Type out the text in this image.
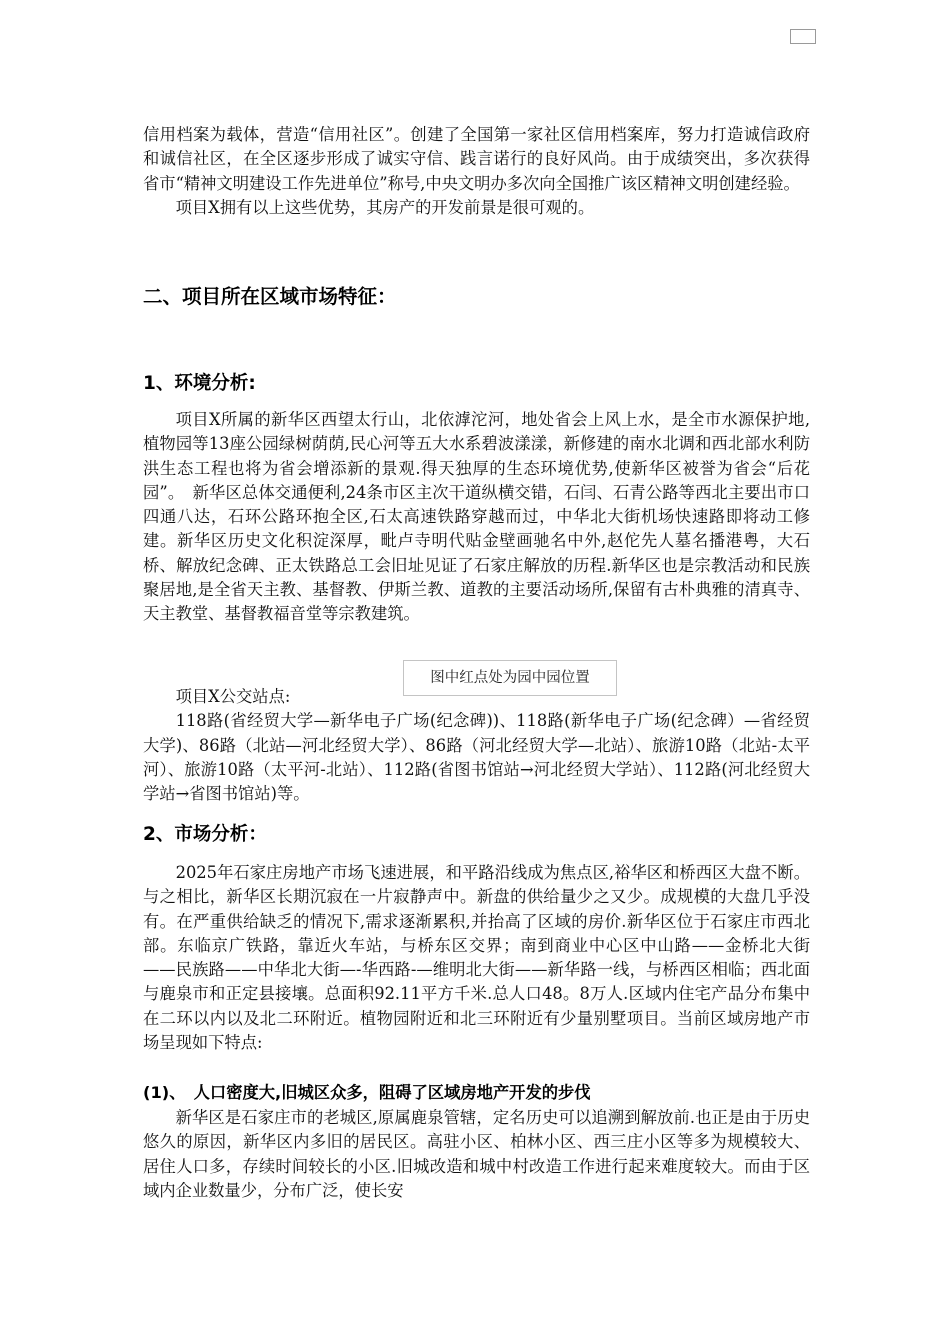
信用档案为载体，营造“信用社区”。创建了全国第一家社区信用档案库，努力打造诚信政府和诚信社区，在全区逐步形成了诚实守信、践言诺行的良好风尚。由于成绩突出，多次获得省市“精神文明建设工作先进单位”称号,中央文明办多次向全国推广该区精神文明创建经验。

项目X拥有以上这些优势，其房产的开发前景是很可观的。

二、项目所在区域市场特征：
1、环境分析:

项目X所属的新华区西望太行山，北依滹沱河，地处省会上风上水，是全市水源保护地,植物园等13座公园绿树荫荫,民心河等五大水系碧波漾漾，新修建的南水北调和西北部水利防洪生态工程也将为省会增添新的景观.得天独厚的生态环境优势,使新华区被誉为省会“后花园”。　新华区总体交通便利,24条市区主次干道纵横交错，石闫、石青公路等西北主要出市口四通八达，石环公路环抱全区,石太高速铁路穿越而过，中华北大街机场快速路即将动工修建。新华区历史文化积淀深厚，毗卢寺明代贴金壁画驰名中外,赵佗先人墓名播港粤，大石桥、解放纪念碑、正太铁路总工会旧址见证了石家庄解放的历程.新华区也是宗教活动和民族聚居地,是全省天主教、基督教、伊斯兰教、道教的主要活动场所,保留有古朴典雅的清真寺、天主教堂、基督教福音堂等宗教建筑。

图中红点处为园中园位置

项目X公交站点:

118路(省经贸大学—新华电子广场(纪念碑))、118路(新华电子广场(纪念碑）—省经贸大学)、86路（北站—河北经贸大学）、86路（河北经贸大学—北站）、旅游10路（北站-太平河）、旅游10路（太平河-北站）、112路(省图书馆站→河北经贸大学站）、112路(河北经贸大学站→省图书馆站)等。

2、市场分析：

2025年石家庄房地产市场飞速进展，和平路沿线成为焦点区,裕华区和桥西区大盘不断。与之相比，新华区长期沉寂在一片寂静声中。新盘的供给量少之又少。成规模的大盘几乎没有。在严重供给缺乏的情况下,需求逐渐累积,并抬高了区域的房价.新华区位于石家庄市西北部。东临京广铁路，靠近火车站，与桥东区交界；南到商业中心区中山路——金桥北大街——民族路——中华北大街—-华西路-—维明北大街——新华路一线，与桥西区相临；西北面与鹿泉市和正定县接壤。总面积92.11平方千米.总人口48。8万人.区域内住宅产品分布集中在二环以内以及北二环附近。植物园附近和北三环附近有少量别墅项目。当前区域房地产市场呈现如下特点:

(1)、　人口密度大,旧城区众多，阻碍了区域房地产开发的步伐

新华区是石家庄市的老城区,原属鹿泉管辖，定名历史可以追溯到解放前.也正是由于历史悠久的原因，新华区内多旧的居民区。高驻小区、柏林小区、西三庄小区等多为规模较大、居住人口多，存续时间较长的小区.旧城改造和城中村改造工作进行起来难度较大。而由于区域内企业数量少，分布广泛，使长安
